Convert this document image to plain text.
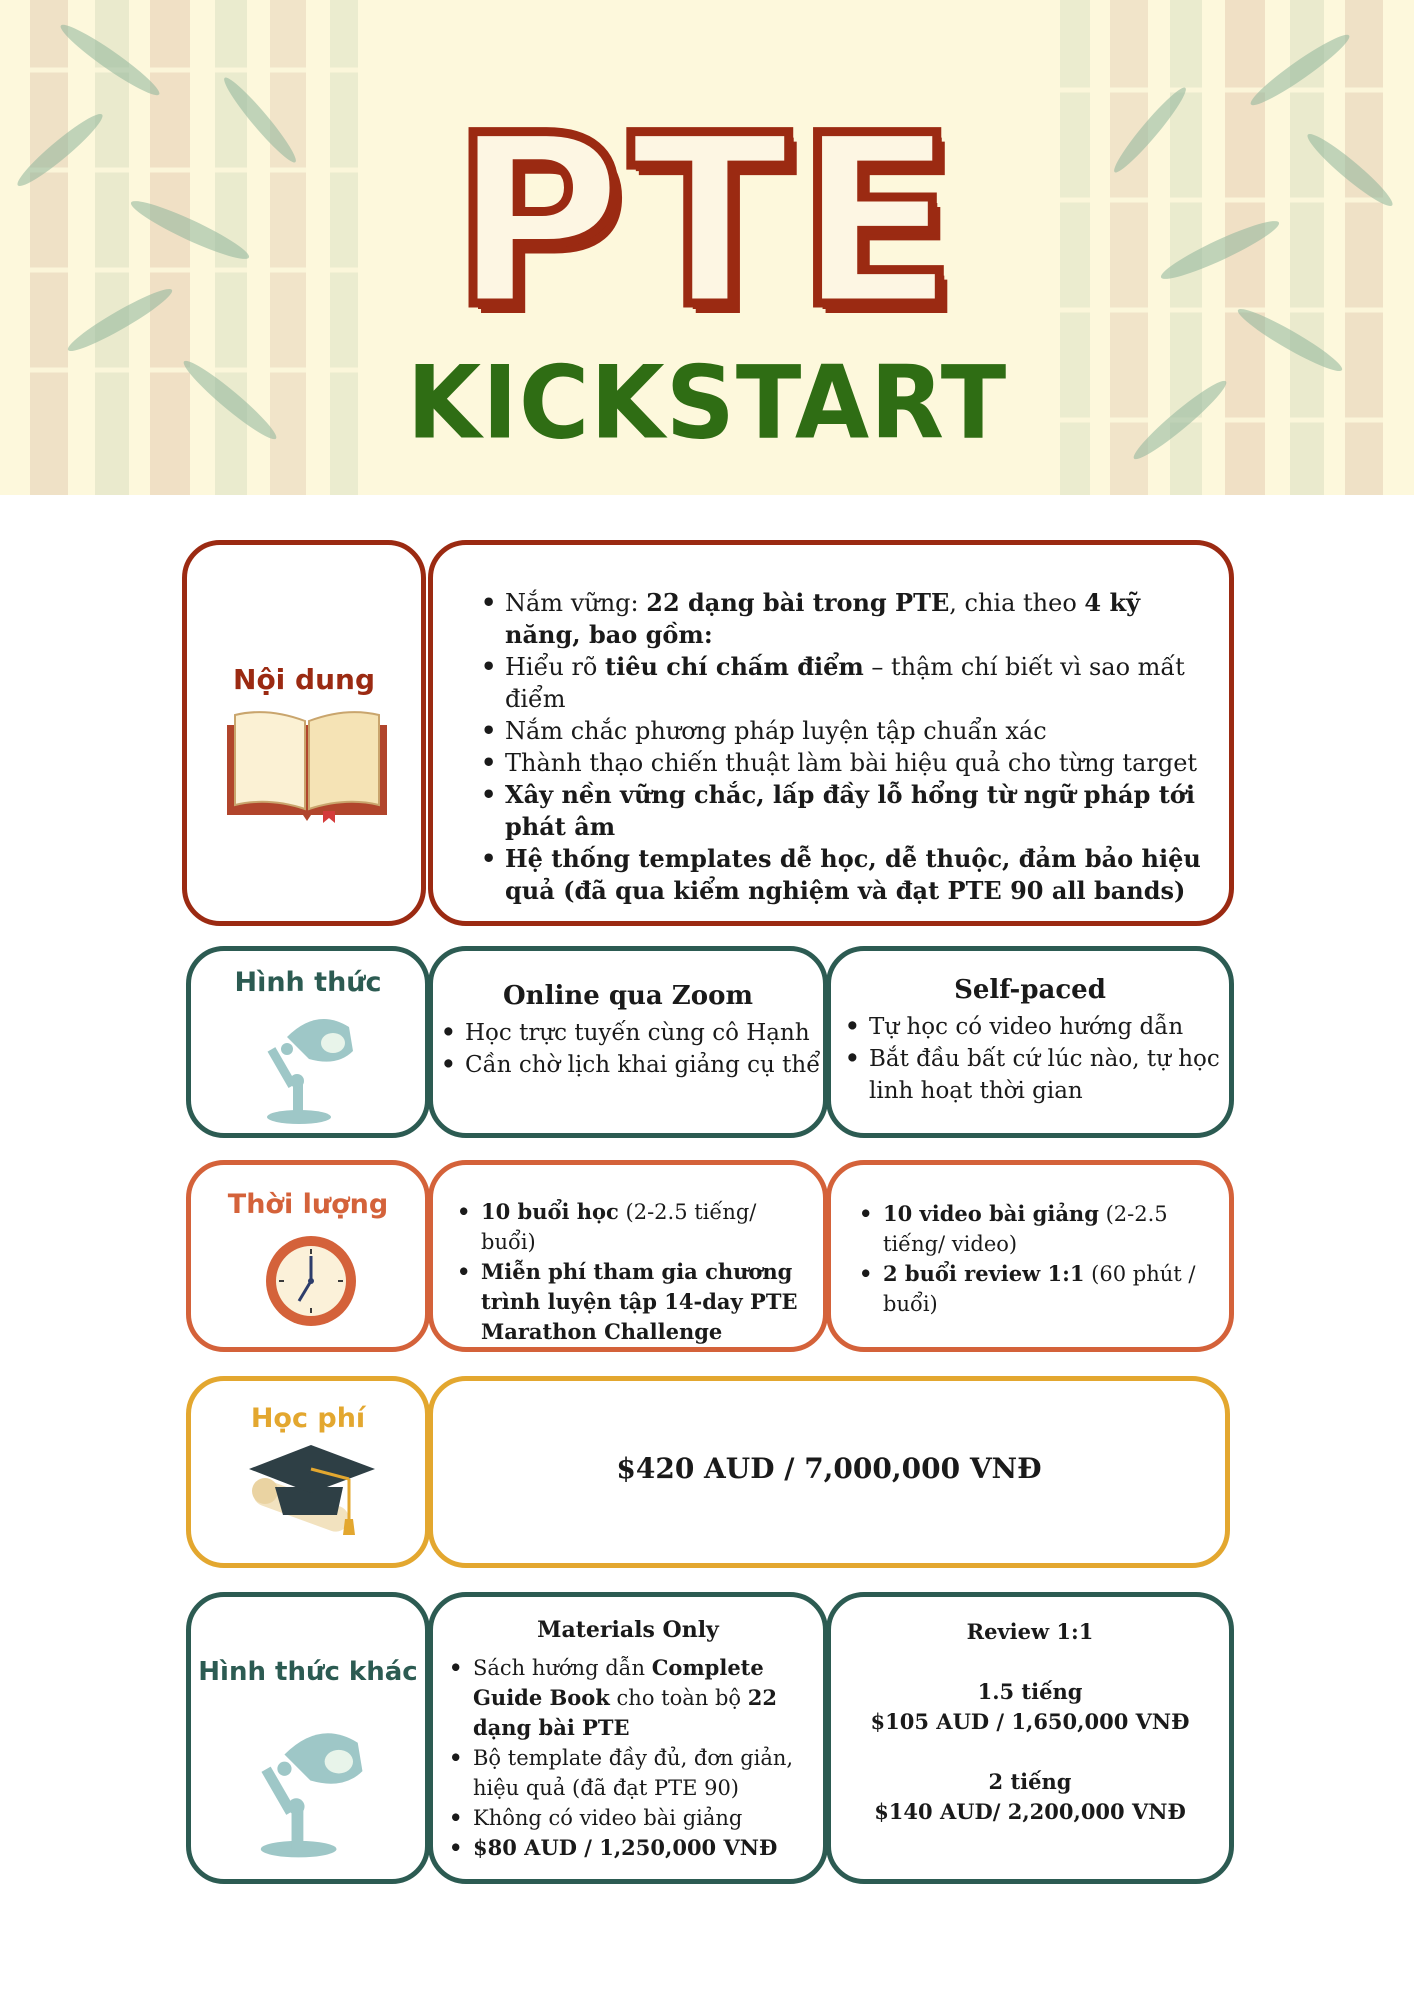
PTE
KICKSTART
Nội dung
• Nắm vững: 22 dạng bài trong PTE, chia theo 4 kỹ năng, bao gồm:
• Hiểu rõ tiêu chí chấm điểm – thậm chí biết vì sao mất điểm
• Nắm chắc phương pháp luyện tập chuẩn xác
• Thành thạo chiến thuật làm bài hiệu quả cho từng target
• Xây nền vững chắc, lấp đầy lỗ hổng từ ngữ pháp tới phát âm
• Hệ thống templates dễ học, dễ thuộc, đảm bảo hiệu quả (đã qua kiểm nghiệm và đạt PTE 90 all bands)
Hình thức	Online qua Zoom
• Học trực tuyến cùng cô Hạnh
• Cần chờ lịch khai giảng cụ thể
Self-paced
• Tự học có video hướng dẫn
• Bắt đầu bất cứ lúc nào, tự học linh hoạt thời gian
Thời lượng
•	10 buổi học (2-2.5 tiếng/ buổi)
• Miễn phí tham gia chương trình luyện tập 14-day PTE Marathon Challenge
• 10 video bài giảng (2-2.5 tiếng/ video)
• 2 buổi review 1:1 (60 phút / buổi)
Học phí
$420 AUD / 7,000,000 VNĐ
Hình thức khác
Materials Only
• Sách hướng dẫn Complete Guide Book cho toàn bộ 22 dạng bài PTE
• Bộ template đầy đủ, đơn giản, hiệu quả (đã đạt PTE 90)
• Không có video bài giảng
• $80 AUD / 1,250,000 VNĐ
Review 1:1
1.5 tiếng
$105 AUD / 1,650,000 VNĐ
2 tiếng
$140 AUD/ 2,200,000 VNĐ
